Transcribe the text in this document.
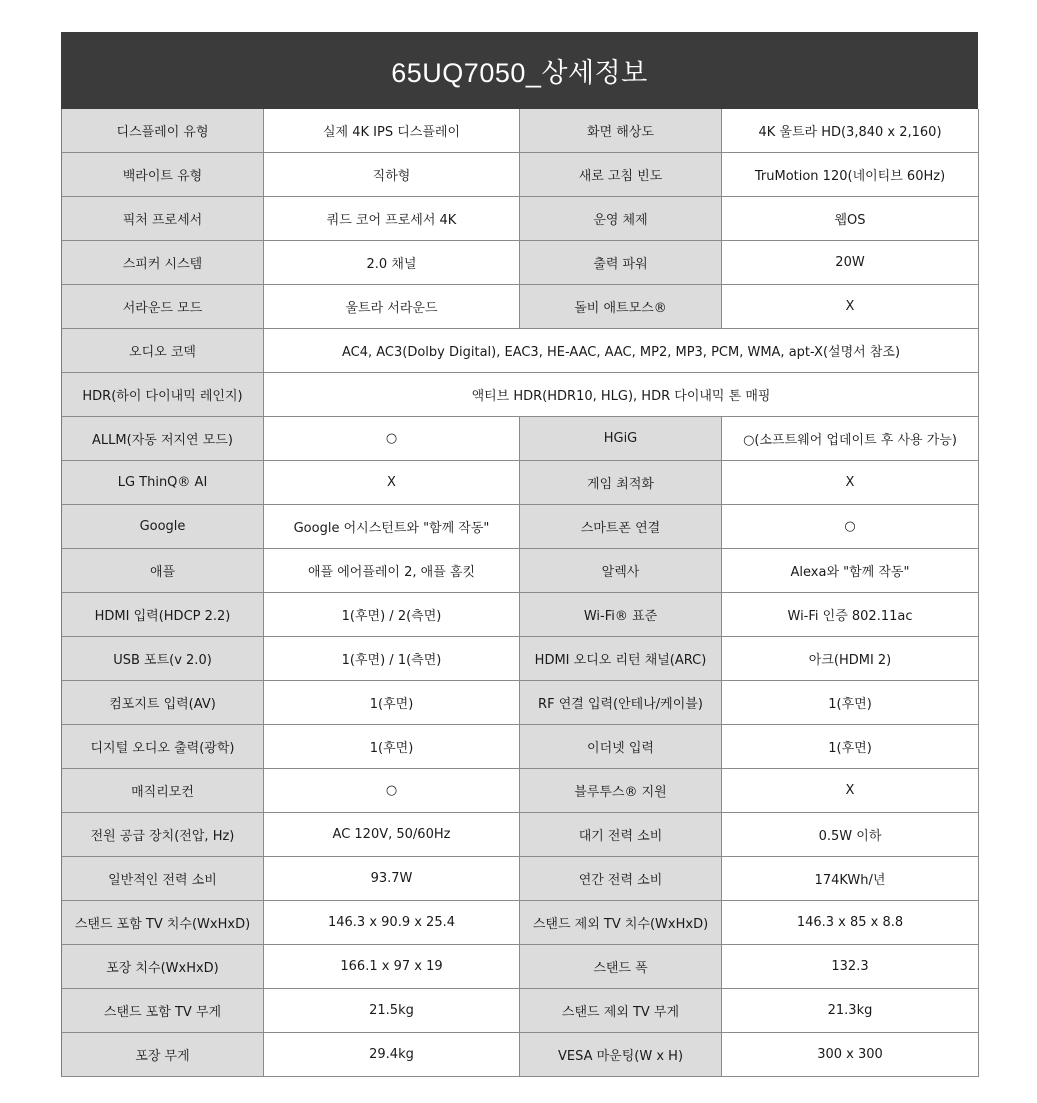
65UQ7050_상세정보
디스플레이 유형	실제 4K IPS 디스플레이	화면 해상도	4K 울트라 HD(3,840 x 2,160)
백라이트 유형	직하형	새로 고침 빈도	TruMotion 120(네이티브 60Hz)
픽처 프로세서	쿼드 코어 프로세서 4K	운영 체제	웹OS
스피커 시스템	2.0 채널	출력 파워	20W
서라운드 모드	울트라 서라운드	돌비 애트모스®	X
오디오 코덱	AC4, AC3(Dolby Digital), EAC3, HE-AAC, AAC, MP2, MP3, PCM, WMA, apt-X(설명서 참조)		
HDR(하이 다이내믹 레인지)	액티브 HDR(HDR10, HLG), HDR 다이내믹 톤 매핑		
ALLM(자동 저지연 모드)	○	HGiG	○(소프트웨어 업데이트 후 사용 가능)
LG ThinQ® AI	X	게임 최적화	X
Google	Google 어시스턴트와 "함께 작동"	스마트폰 연결	○
애플	애플 에어플레이 2, 애플 홈킷	알렉사	Alexa와 "함께 작동"
HDMI 입력(HDCP 2.2)	1(후면) / 2(측면)	Wi-Fi® 표준	Wi-Fi 인증 802.11ac
USB 포트(v 2.0)	1(후면) / 1(측면)	HDMI 오디오 리턴 채널(ARC)	아크(HDMI 2)
컴포지트 입력(AV)	1(후면)	RF 연결 입력(안테나/케이블)	1(후면)
디지털 오디오 출력(광학)	1(후면)	이더넷 입력	1(후면)
매직리모컨	○	블루투스® 지원	X
전원 공급 장치(전압, Hz)	AC 120V, 50/60Hz	대기 전력 소비	0.5W 이하
일반적인 전력 소비	93.7W	연간 전력 소비	174KWh/년
스탠드 포함 TV 치수(WxHxD)	146.3 x 90.9 x 25.4	스탠드 제외 TV 치수(WxHxD)	146.3 x 85 x 8.8
포장 치수(WxHxD)	166.1 x 97 x 19	스탠드 폭	132.3
스탠드 포함 TV 무게	21.5kg	스탠드 제외 TV 무게	21.3kg
포장 무게	29.4kg	VESA 마운팅(W x H)	300 x 300
